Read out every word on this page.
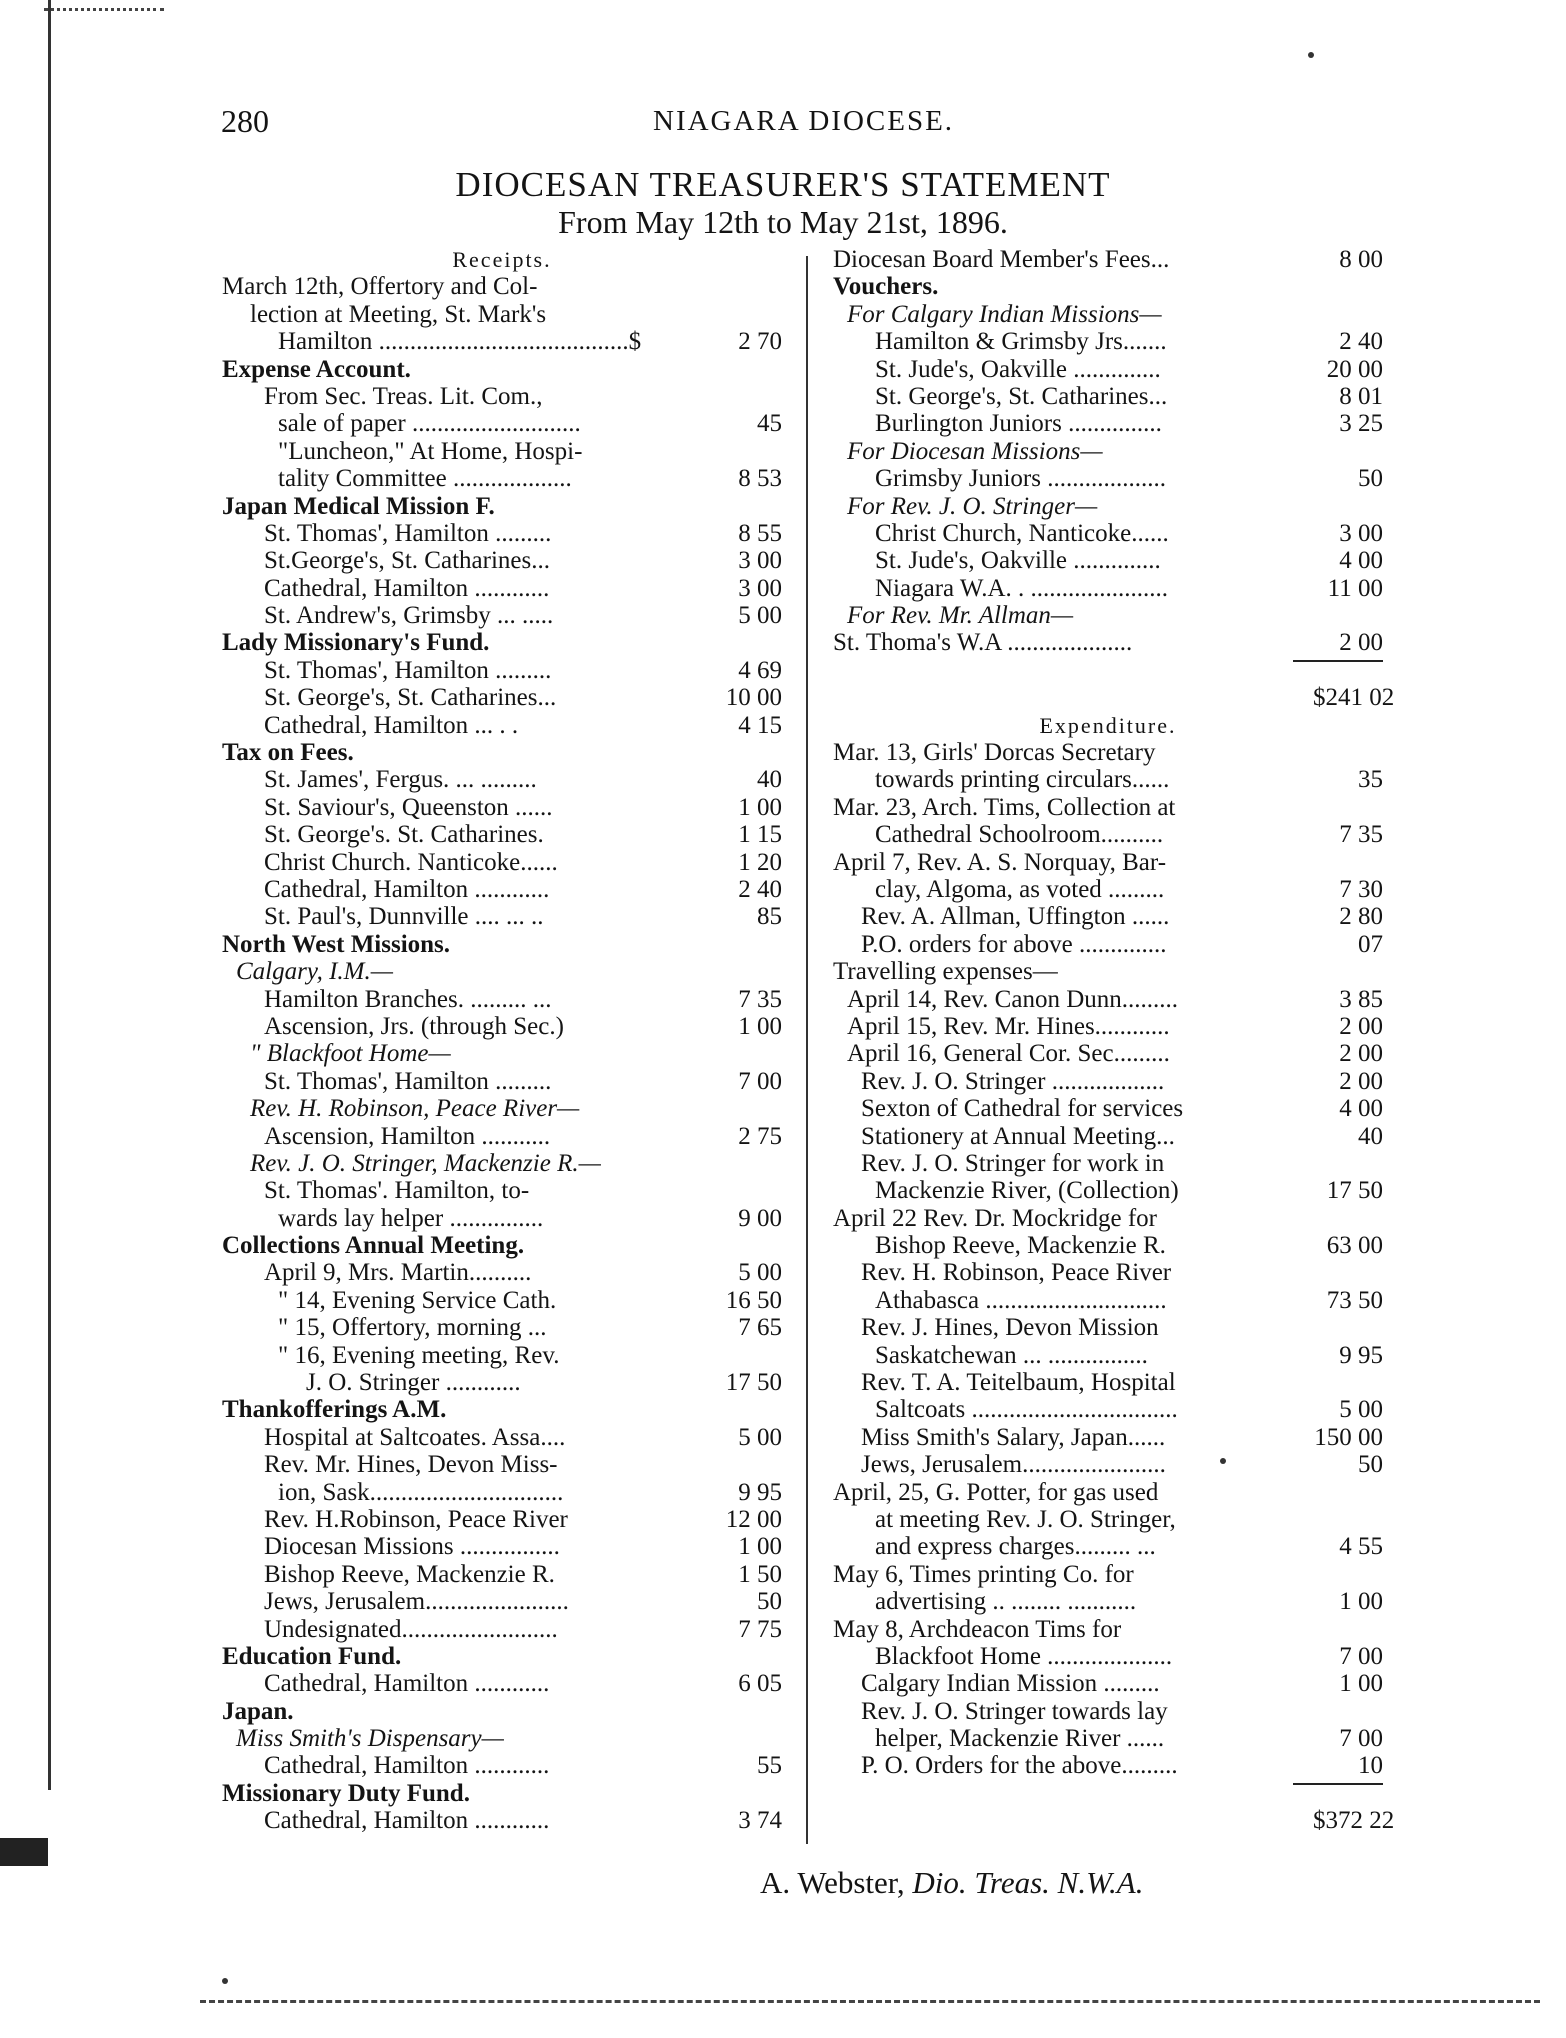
280	NIAGARA DIOCESE.
DIOCESAN TREASURER'S STATEMENT
From May 12th to May 21st, 1896.
Receipts.
March 12th, Offertory and Col-
lection at Meeting, St. Mark's
Hamilton ........................................$	2 70
Expense Account.
From Sec. Treas. Lit. Com.,
sale of paper ...........................	45
"Luncheon," At Home, Hospi-
tality Committee ...................	8 53
Japan Medical Mission F.
St. Thomas', Hamilton .........	8 55
St.George's, St. Catharines...	3 00
Cathedral, Hamilton ............	3 00
St. Andrew's, Grimsby ... .....	5 00
Lady Missionary's Fund.
St. Thomas', Hamilton .........	4 69
St. George's, St. Catharines...	10 00
Cathedral, Hamilton ... . .	4 15
Tax on Fees.
St. James', Fergus. ... .........	40
St. Saviour's, Queenston ......	1 00
St. George's. St. Catharines.	1 15
Christ Church. Nanticoke......	1 20
Cathedral, Hamilton ............	2 40
St. Paul's, Dunnville .... ... ..	85
North West Missions.
Calgary, I.M.—
Hamilton Branches. ......... ...	7 35
Ascension, Jrs. (through Sec.)	1 00
" Blackfoot Home—
St. Thomas', Hamilton .........	7 00
Rev. H. Robinson, Peace River—
Ascension, Hamilton ...........	2 75
Rev. J. O. Stringer, Mackenzie R.—
St. Thomas'. Hamilton, to-
wards lay helper ...............	9 00
Collections Annual Meeting.
April 9, Mrs. Martin..........	5 00
" 14, Evening Service Cath.	16 50
" 15, Offertory, morning ...	7 65
" 16, Evening meeting, Rev.
J. O. Stringer ............	17 50
Thankofferings A.M.
Hospital at Saltcoates. Assa....	5 00
Rev. Mr. Hines, Devon Miss-
ion, Sask...............................	9 95
Rev. H.Robinson, Peace River	12 00
Diocesan Missions ................	1 00
Bishop Reeve, Mackenzie R.	1 50
Jews, Jerusalem.......................	50
Undesignated.........................	7 75
Education Fund.
Cathedral, Hamilton ............	6 05
Japan.
Miss Smith's Dispensary—
Cathedral, Hamilton ............	55
Missionary Duty Fund.
Cathedral, Hamilton ............	3 74
Diocesan Board Member's Fees...	8 00
Vouchers.
For Calgary Indian Missions—
Hamilton & Grimsby Jrs.......	2 40
St. Jude's, Oakville ..............	20 00
St. George's, St. Catharines...	8 01
Burlington Juniors ...............	3 25
For Diocesan Missions—
Grimsby Juniors ...................	50
For Rev. J. O. Stringer—
Christ Church, Nanticoke......	3 00
St. Jude's, Oakville ..............	4 00
Niagara W.A. . ......................	11 00
For Rev. Mr. Allman—
St. Thoma's W.A ....................	2 00
$241 02
Expenditure.
Mar. 13, Girls' Dorcas Secretary
towards printing circulars......	35
Mar. 23, Arch. Tims, Collection at
Cathedral Schoolroom..........	7 35
April 7, Rev. A. S. Norquay, Bar-
clay, Algoma, as voted .........	7 30
Rev. A. Allman, Uffington ......	2 80
P.O. orders for above ..............	07
Travelling expenses—
April 14, Rev. Canon Dunn.........	3 85
April 15, Rev. Mr. Hines............	2 00
April 16, General Cor. Sec.........	2 00
Rev. J. O. Stringer ..................	2 00
Sexton of Cathedral for services	4 00
Stationery at Annual Meeting...	40
Rev. J. O. Stringer for work in
Mackenzie River, (Collection)	17 50
April 22 Rev. Dr. Mockridge for
Bishop Reeve, Mackenzie R.	63 00
Rev. H. Robinson, Peace River
Athabasca .............................	73 50
Rev. J. Hines, Devon Mission
Saskatchewan ... ................	9 95
Rev. T. A. Teitelbaum, Hospital
Saltcoats .................................	5 00
Miss Smith's Salary, Japan......	150 00
Jews, Jerusalem.......................	50
April, 25, G. Potter, for gas used
at meeting Rev. J. O. Stringer,
and express charges......... ...	4 55
May 6, Times printing Co. for
advertising .. ........ ...........	1 00
May 8, Archdeacon Tims for
Blackfoot Home ....................	7 00
Calgary Indian Mission .........	1 00
Rev. J. O. Stringer towards lay
helper, Mackenzie River ......	7 00
P. O. Orders for the above.........	10
$372 22
A. Webster, Dio. Treas. N.W.A.
